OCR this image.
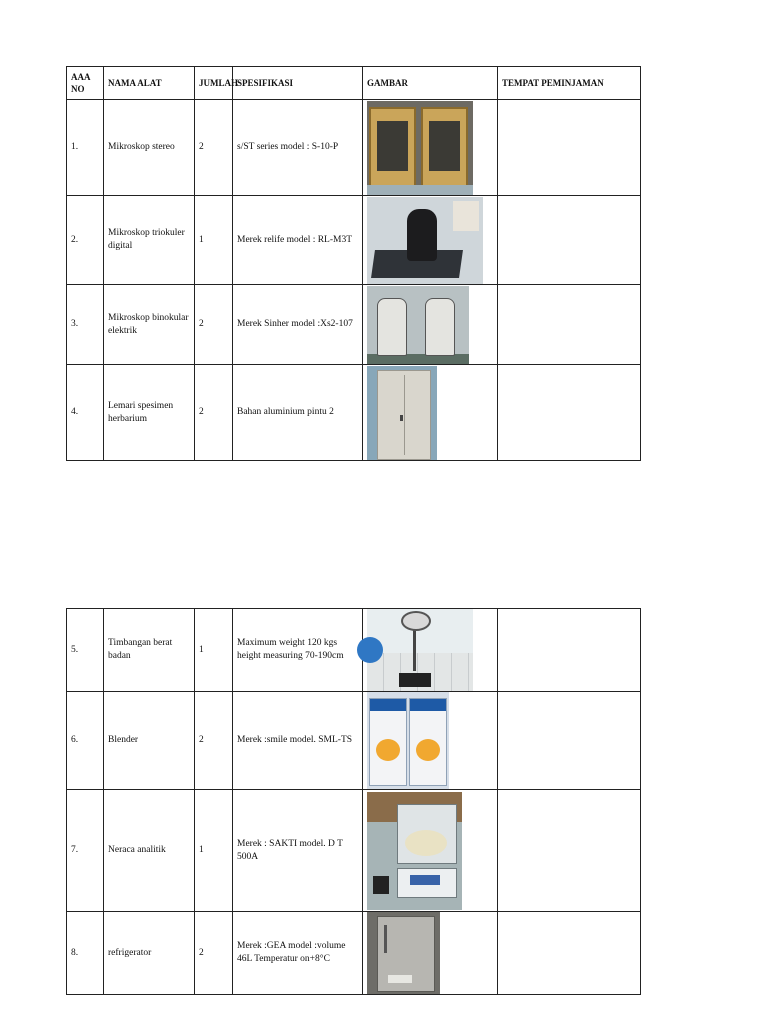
AAA NO	NAMA ALAT	JUMLAH	SPESIFIKASI	GAMBAR	TEMPAT PEMINJAMAN
1.	Mikroskop stereo	2	s/ST series model : S-10-P	

2.	Mikroskop triokuler digital	1	Merek relife model : RL-M3T	

3.	Mikroskop binokular elektrik	2	Merek Sinher model :Xs2-107	

4.	Lemari spesimen herbarium	2	Bahan aluminium pintu 2	

5.	Timbangan berat badan	1	Maximum weight 120 kgs height measuring 70-190cm	

6.	Blender	2	Merek :smile model. SML-TS	

7.	Neraca analitik	1	Merek : SAKTI model. D T 500A	

8.	refrigerator	2	Merek :GEA model :volume 46L Temperatur on+8°C	
